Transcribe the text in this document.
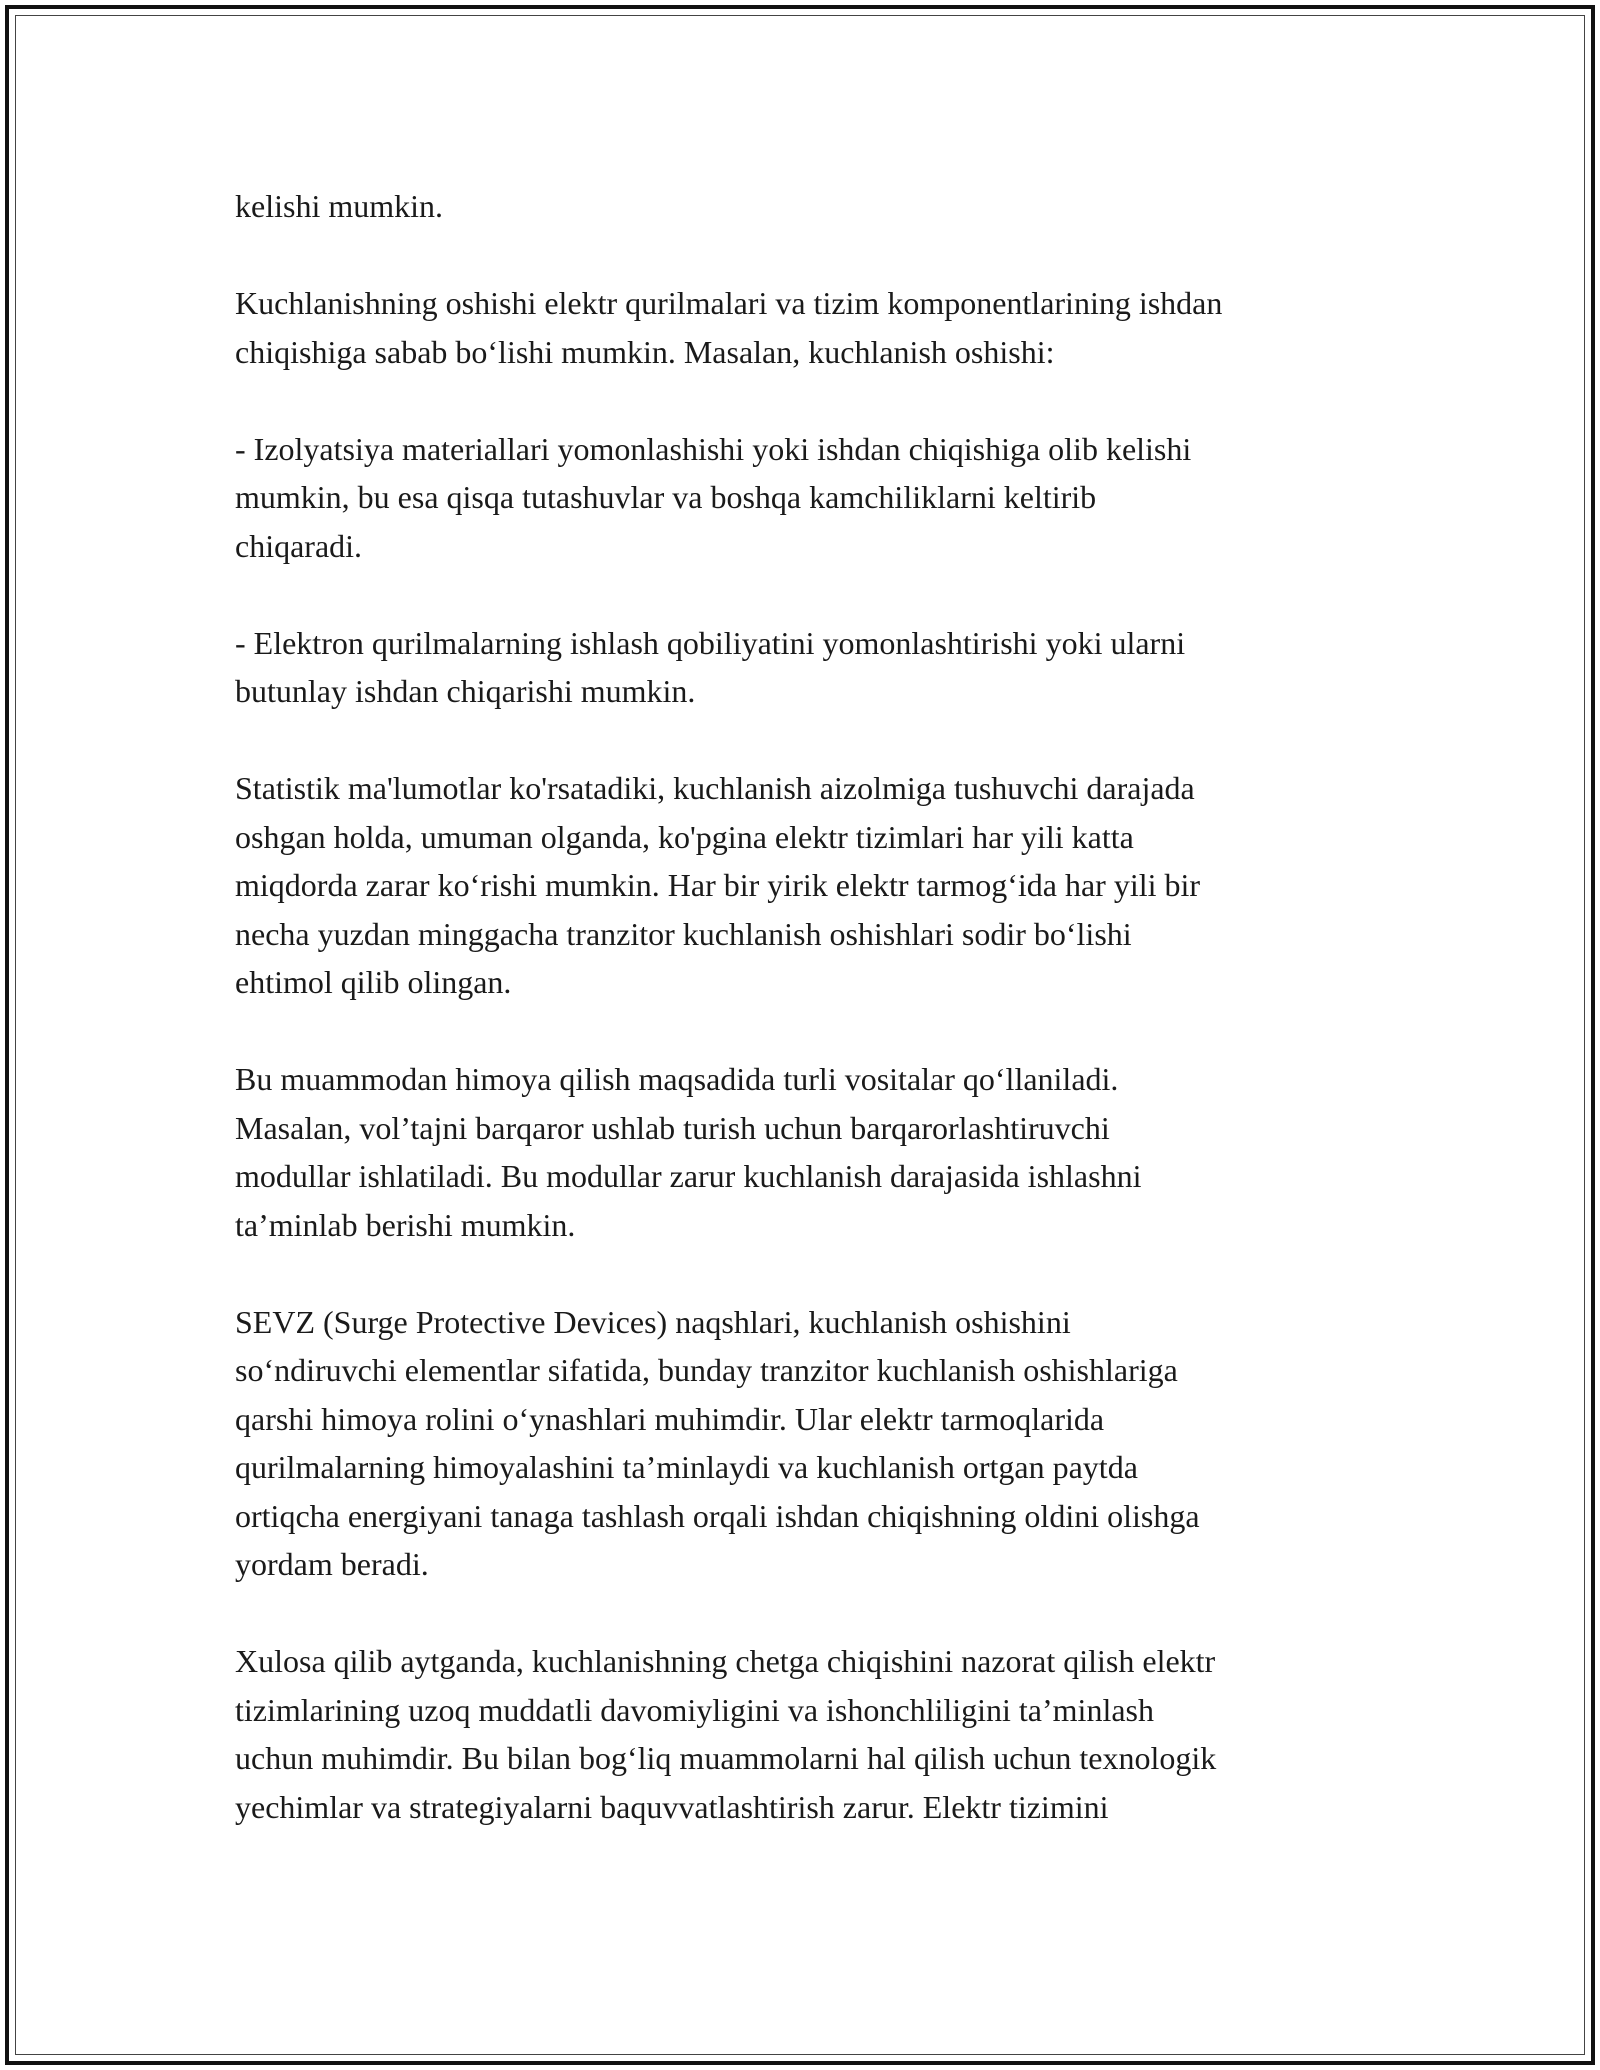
kelishi mumkin.

Kuchlanishning oshishi elektr qurilmalari va tizim komponentlarining ishdan
chiqishiga sabab bo‘lishi mumkin. Masalan, kuchlanish oshishi:

- Izolyatsiya materiallari yomonlashishi yoki ishdan chiqishiga olib kelishi
mumkin, bu esa qisqa tutashuvlar va boshqa kamchiliklarni keltirib
chiqaradi.

- Elektron qurilmalarning ishlash qobiliyatini yomonlashtirishi yoki ularni
butunlay ishdan chiqarishi mumkin.

Statistik ma'lumotlar ko'rsatadiki, kuchlanish aizolmiga tushuvchi darajada
oshgan holda, umuman olganda, ko'pgina elektr tizimlari har yili katta
miqdorda zarar ko‘rishi mumkin. Har bir yirik elektr tarmog‘ida har yili bir
necha yuzdan minggacha tranzitor kuchlanish oshishlari sodir bo‘lishi
ehtimol qilib olingan.

Bu muammodan himoya qilish maqsadida turli vositalar qo‘llaniladi.
Masalan, vol’tajni barqaror ushlab turish uchun barqarorlashtiruvchi
modullar ishlatiladi. Bu modullar zarur kuchlanish darajasida ishlashni
ta’minlab berishi mumkin.

SEVZ (Surge Protective Devices) naqshlari, kuchlanish oshishini
so‘ndiruvchi elementlar sifatida, bunday tranzitor kuchlanish oshishlariga
qarshi himoya rolini o‘ynashlari muhimdir. Ular elektr tarmoqlarida
qurilmalarning himoyalashini ta’minlaydi va kuchlanish ortgan paytda
ortiqcha energiyani tanaga tashlash orqali ishdan chiqishning oldini olishga
yordam beradi.

Xulosa qilib aytganda, kuchlanishning chetga chiqishini nazorat qilish elektr
tizimlarining uzoq muddatli davomiyligini va ishonchliligini ta’minlash
uchun muhimdir. Bu bilan bog‘liq muammolarni hal qilish uchun texnologik
yechimlar va strategiyalarni baquvvatlashtirish zarur. Elektr tizimini
